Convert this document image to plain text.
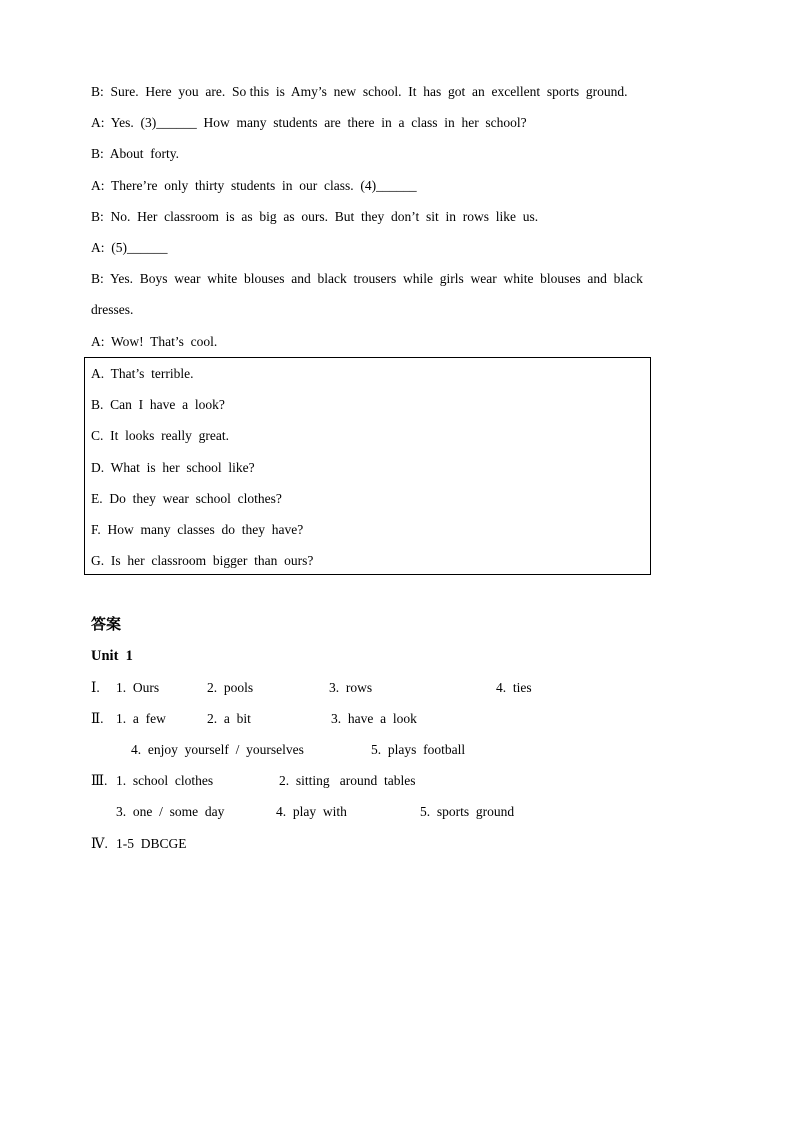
B:  Sure.  Here  you  are.  So this  is  Amy’s  new  school.  It  has  got  an  excellent  sports  ground.
A:  Yes.  (3)______  How  many  students  are  there  in  a  class  in  her  school?
B:  About  forty.
A:  There’re  only  thirty  students  in  our  class.  (4)______
B:  No.  Her  classroom  is  as  big  as  ours.  But  they  don’t  sit  in  rows  like  us.
A:  (5)______
B:  Yes.  Boys  wear  white  blouses  and  black  trousers  while  girls  wear  white  blouses  and  black
dresses.
A:  Wow!  That’s  cool.
A.  That’s  terrible.
B.  Can  I  have  a  look?
C.  It  looks  really  great.
D.  What  is  her  school  like?
E.  Do  they  wear  school  clothes?
F.  How  many  classes  do  they  have?
G.  Is  her  classroom  bigger  than  ours?
答案
Unit  1
Ⅰ. 1.  Ours	2.  pools	3.  rows	4.  ties
Ⅱ. 1.  a  few	2.  a  bit	3.  have  a  look
4.  enjoy  yourself  /  yourselves	5.  plays  football
Ⅲ. 1.  school  clothes	2.  sitting   around  tables
3.  one  /  some  day	4.  play  with	5.  sports  ground
Ⅳ. 1-5  DBCGE
